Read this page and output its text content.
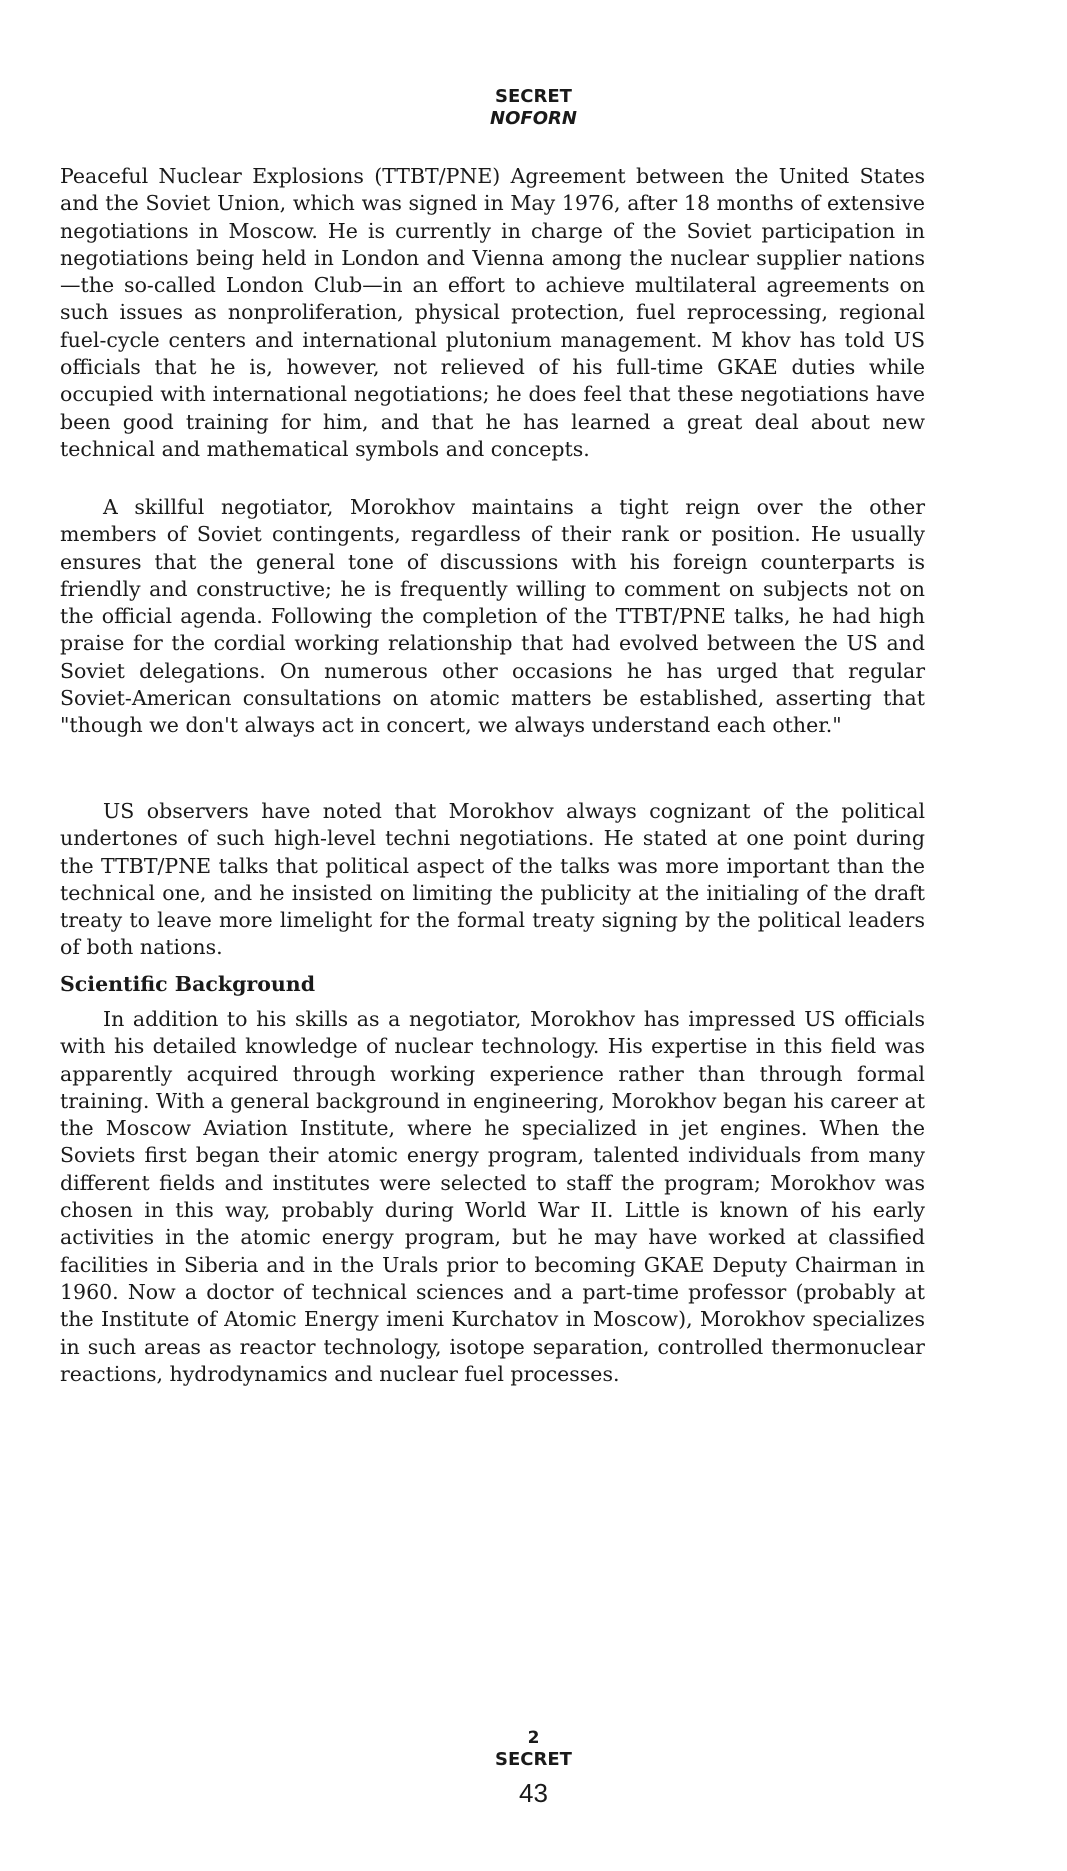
SECRET
NOFORN

Peaceful Nuclear Explosions (TTBT/PNE) Agreement between the United States and the Soviet Union, which was signed in May 1976, after 18 months of extensive negotiations in Moscow. He is currently in charge of the Soviet participation in negotiations being held in London and Vienna among the nuclear supplier nations—the so-called London Club—in an effort to achieve multilateral agreements on such issues as nonproliferation, physical protection, fuel reprocessing, regional fuel-cycle centers and international plutonium management. M khov has told US officials that he is, however, not relieved of his full-time GKAE duties while occupied with international negotiations; he does feel that these negotiations have been good training for him, and that he has learned a great deal about new technical and mathematical symbols and concepts.

A skillful negotiator, Morokhov maintains a tight reign over the other members of Soviet contingents, regardless of their rank or position. He usually ensures that the general tone of discussions with his foreign counterparts is friendly and constructive; he is frequently willing to comment on subjects not on the official agenda. Following the completion of the TTBT/PNE talks, he had high praise for the cordial working relationship that had evolved between the US and Soviet delegations. On numerous other occasions he has urged that regular Soviet-American consultations on atomic matters be established, asserting that "though we don't always act in concert, we always understand each other."

US observers have noted that Morokhov always cognizant of the political undertones of such high-level techni negotiations. He stated at one point during the TTBT/PNE talks that political aspect of the talks was more important than the technical one, and he insisted on limiting the publicity at the initialing of the draft treaty to leave more limelight for the formal treaty signing by the political leaders of both nations.

Scientific Background

In addition to his skills as a negotiator, Morokhov has impressed US officials with his detailed knowledge of nuclear technology. His expertise in this field was apparently acquired through working experience rather than through formal training. With a general background in engineering, Morokhov began his career at the Moscow Aviation Institute, where he specialized in jet engines. When the Soviets first began their atomic energy program, talented individuals from many different fields and institutes were selected to staff the program; Morokhov was chosen in this way, probably during World War II. Little is known of his early activities in the atomic energy program, but he may have worked at classified facilities in Siberia and in the Urals prior to becoming GKAE Deputy Chairman in 1960. Now a doctor of technical sciences and a part-time professor (probably at the Institute of Atomic Energy imeni Kurchatov in Moscow), Morokhov specializes in such areas as reactor technology, isotope separation, controlled thermonuclear reactions, hydrodynamics and nuclear fuel processes.

2
SECRET
43
